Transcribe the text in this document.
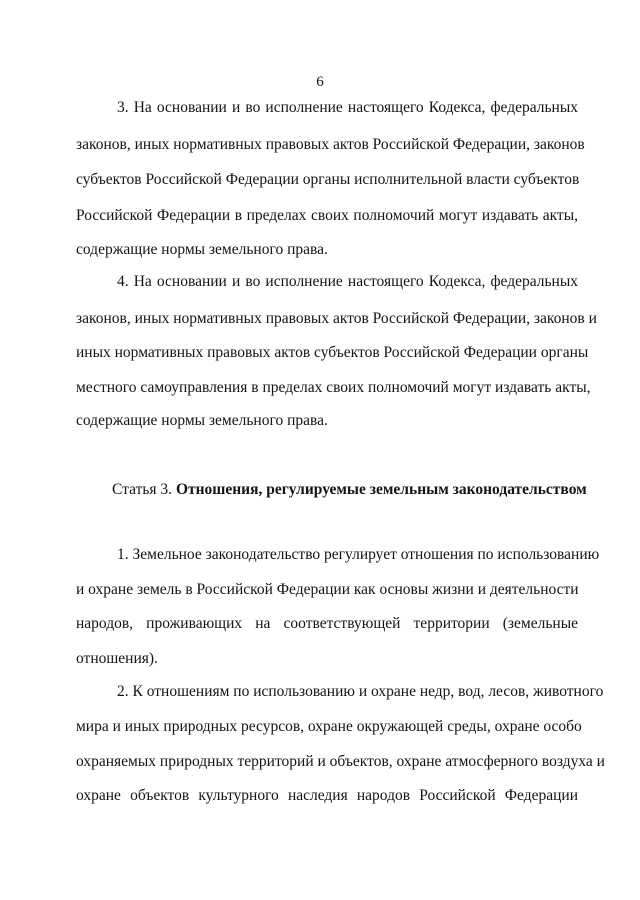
6
3. На основании и во исполнение настоящего Кодекса, федеральных
законов, иных нормативных правовых актов Российской Федерации, законов
субъектов Российской Федерации органы исполнительной власти субъектов
Российской Федерации в пределах своих полномочий могут издавать акты,
содержащие нормы земельного права.
4. На основании и во исполнение настоящего Кодекса, федеральных
законов, иных нормативных правовых актов Российской Федерации, законов и
иных нормативных правовых актов субъектов Российской Федерации органы
местного самоуправления в пределах своих полномочий могут издавать акты,
содержащие нормы земельного права.
Статья 3. Отношения, регулируемые земельным законодательством
1. Земельное законодательство регулирует отношения по использованию
и охране земель в Российской Федерации как основы жизни и деятельности
народов, проживающих на соответствующей территории (земельные
отношения).
2. К отношениям по использованию и охране недр, вод, лесов, животного
мира и иных природных ресурсов, охране окружающей среды, охране особо
охраняемых природных территорий и объектов, охране атмосферного воздуха и
охране объектов культурного наследия народов Российской Федерации
